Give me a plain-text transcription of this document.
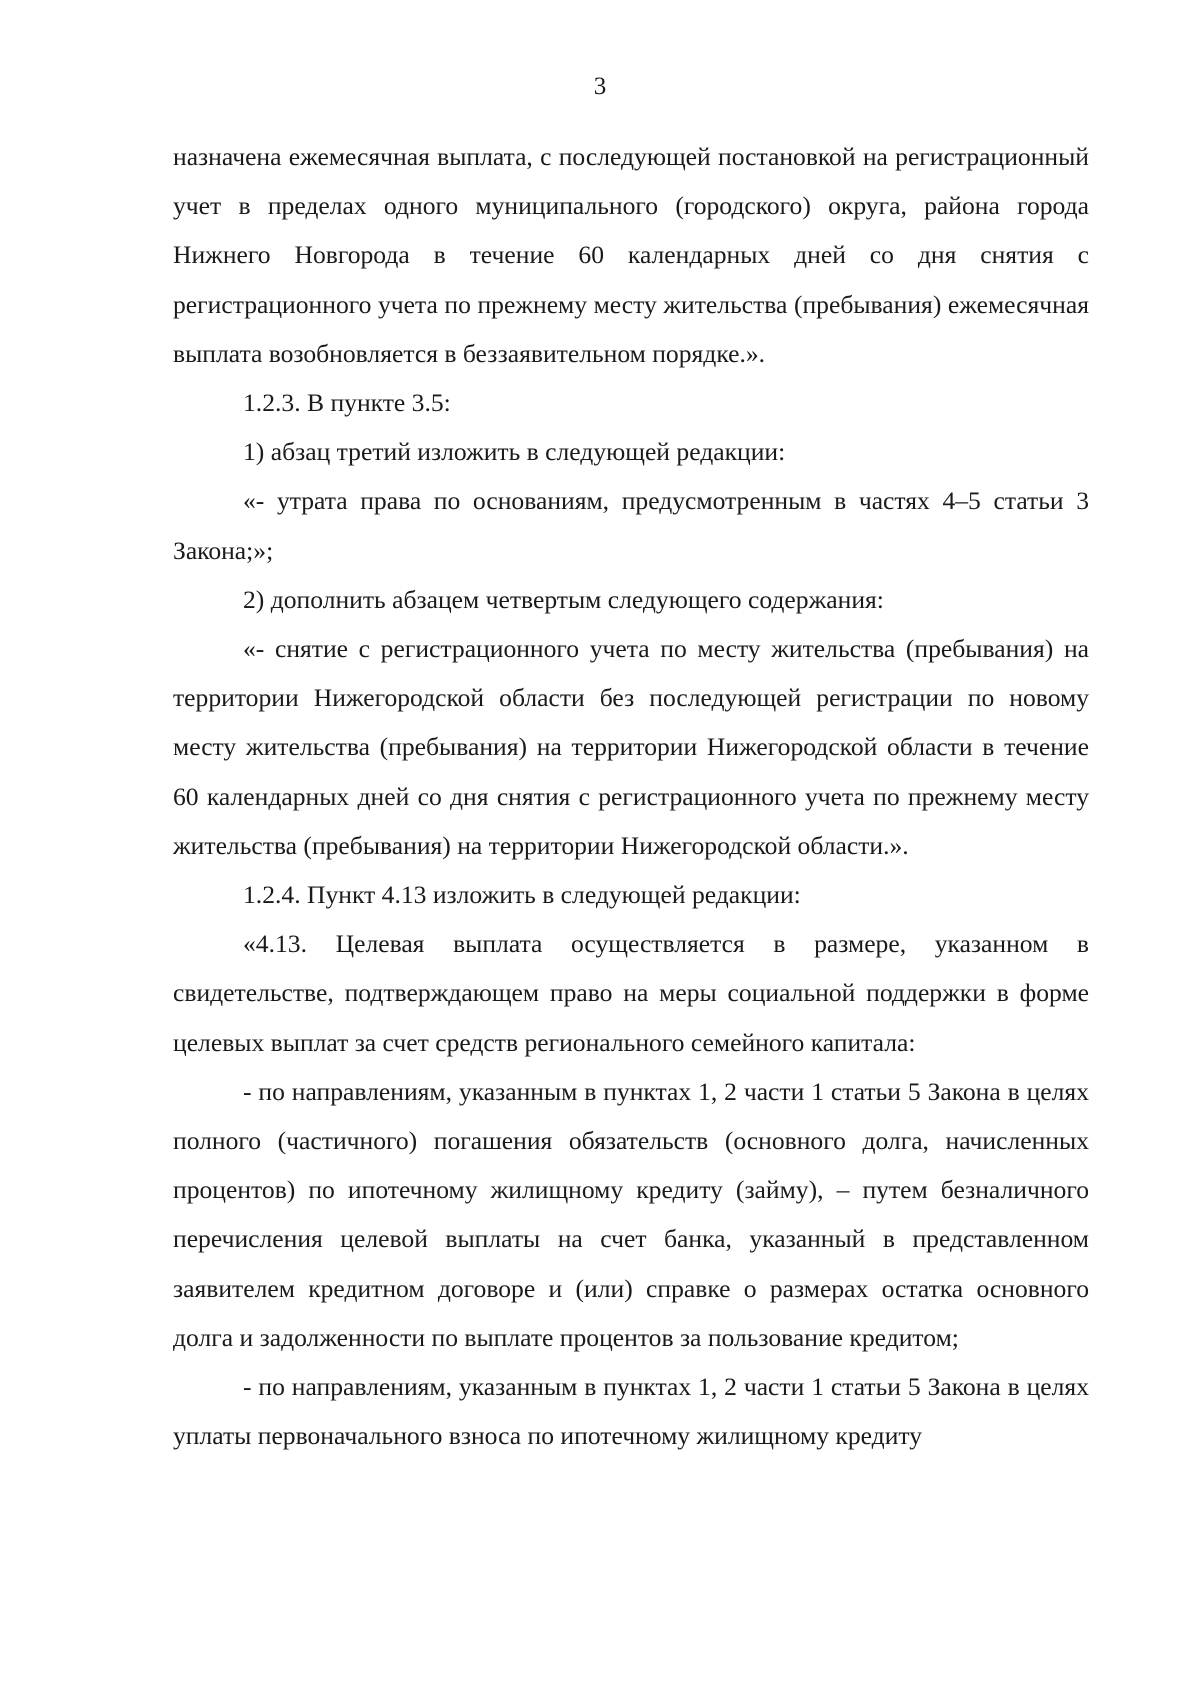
3

назначена ежемесячная выплата, с последующей постановкой на регистрационный учет в пределах одного муниципального (городского) округа, района города Нижнего Новгорода в течение 60 календарных дней со дня снятия с регистрационного учета по прежнему месту жительства (пребывания) ежемесячная выплата возобновляется в беззаявительном порядке.».

1.2.3. В пункте 3.5:

1) абзац третий изложить в следующей редакции:

«- утрата права по основаниям, предусмотренным в частях 4–5 статьи 3 Закона;»;

2) дополнить абзацем четвертым следующего содержания:

«- снятие с регистрационного учета по месту жительства (пребывания) на территории Нижегородской области без последующей регистрации по новому месту жительства (пребывания) на территории Нижегородской области в течение 60 календарных дней со дня снятия с регистрационного учета по прежнему месту жительства (пребывания) на территории Нижегородской области.».

1.2.4. Пункт 4.13 изложить в следующей редакции:

«4.13. Целевая выплата осуществляется в размере, указанном в свидетельстве, подтверждающем право на меры социальной поддержки в форме целевых выплат за счет средств регионального семейного капитала:

- по направлениям, указанным в пунктах 1, 2 части 1 статьи 5 Закона в целях полного (частичного) погашения обязательств (основного долга, начисленных процентов) по ипотечному жилищному кредиту (займу), – путем безналичного перечисления целевой выплаты на счет банка, указанный в представленном заявителем кредитном договоре и (или) справке о размерах остатка основного долга и задолженности по выплате процентов за пользование кредитом;

- по направлениям, указанным в пунктах 1, 2 части 1 статьи 5 Закона в целях уплаты первоначального взноса по ипотечному жилищному кредиту
